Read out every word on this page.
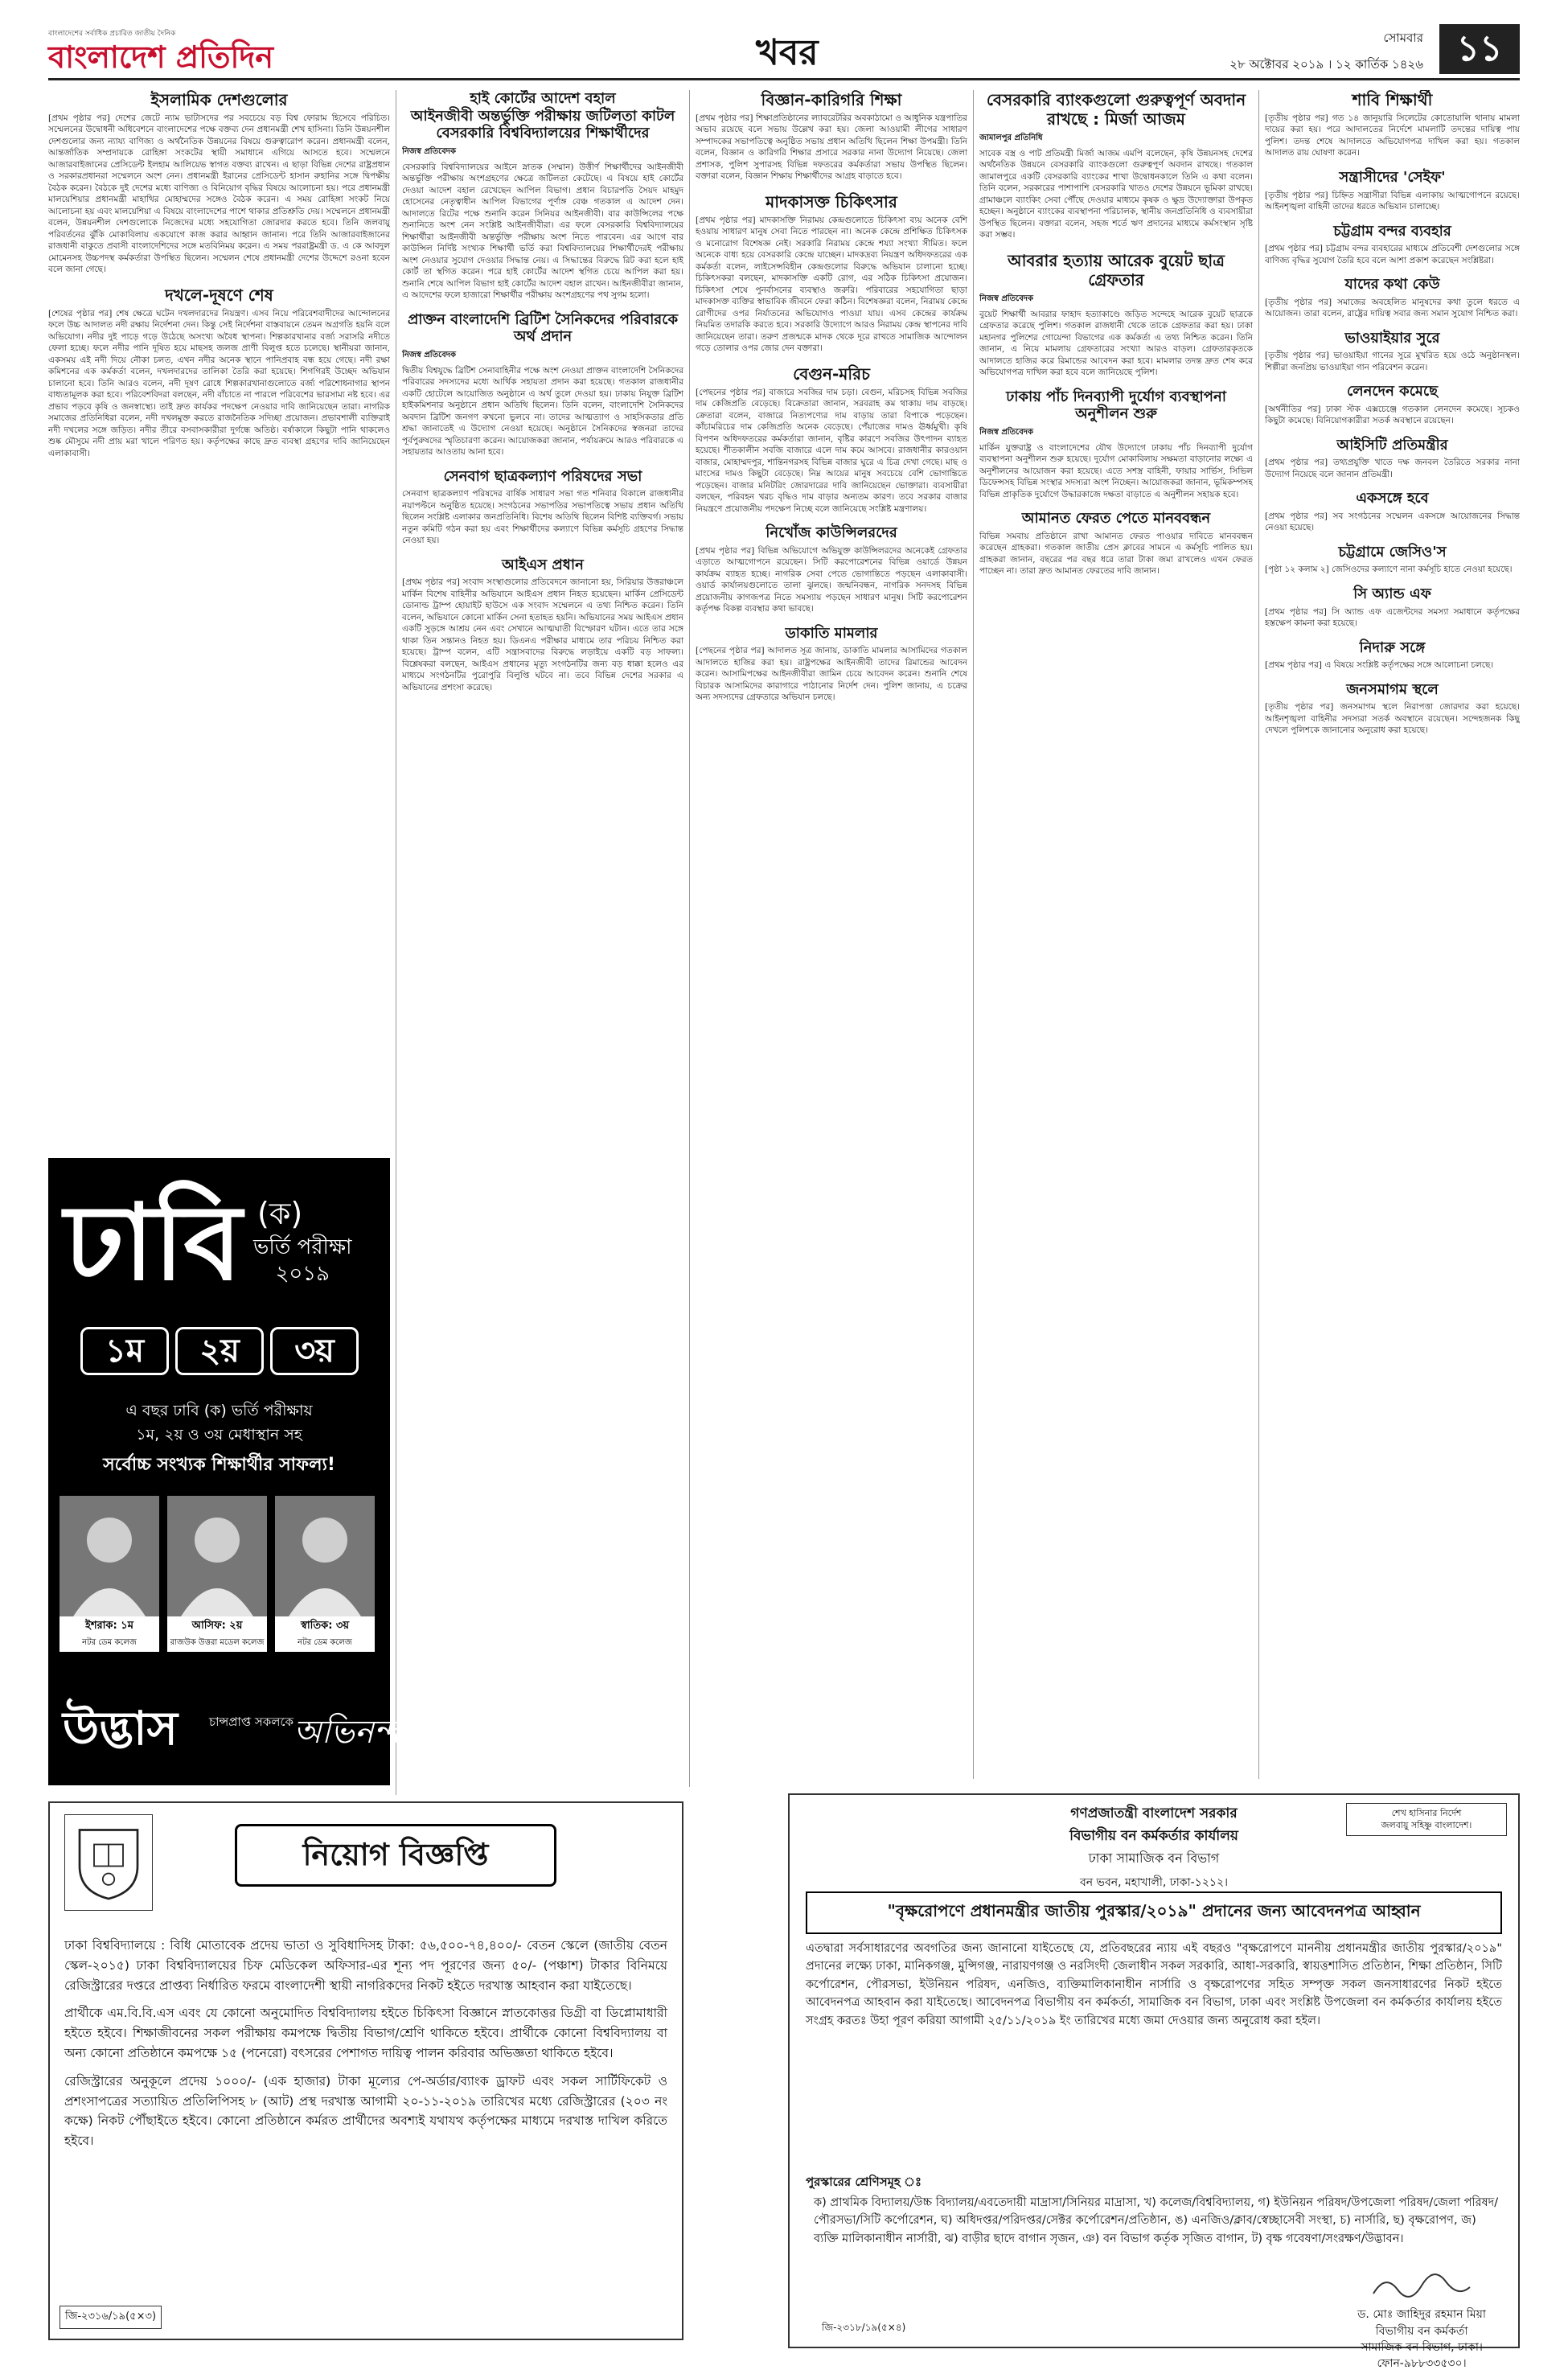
বাংলাদেশের সর্বাধিক প্রচারিত জাতীয় দৈনিক
বাংলাদেশ প্রতিদিন	খবর	সোমবার
২৮ অক্টোবর ২০১৯ । ১২ কার্তিক ১৪২৬ ১১
ইসলামিক দেশগুলোর
[প্রথম পৃষ্ঠার পর] দেশের জেটে ন্যাম ভাটাসদের পর সবচেয়ে বড় বিশ্ব ফোরাম হিসেবে পরিচিত। সম্মেলনের উদ্বোধনী অধিবেশনে বাংলাদেশের পক্ষে বক্তব্য দেন প্রধানমন্ত্রী শেখ হাসিনা। তিনি উন্নয়নশীল দেশগুলোর জন্য ন্যায্য বাণিজ্য ও অর্থনৈতিক উন্নয়নের বিষয়ে গুরুত্বারোপ করেন। প্রধানমন্ত্রী বলেন, আন্তর্জাতিক সম্প্রদায়কে রোহিঙ্গা সংকটের স্থায়ী সমাধানে এগিয়ে আসতে হবে। সম্মেলনে আজারবাইজানের প্রেসিডেন্ট ইলহাম আলিয়েভ স্বাগত বক্তব্য রাখেন। এ ছাড়া বিভিন্ন দেশের রাষ্ট্রপ্রধান ও সরকারপ্রধানরা সম্মেলনে অংশ নেন। প্রধানমন্ত্রী ইরানের প্রেসিডেন্ট হাসান রুহানির সঙ্গে দ্বিপক্ষীয় বৈঠক করেন। বৈঠকে দুই দেশের মধ্যে বাণিজ্য ও বিনিয়োগ বৃদ্ধির বিষয়ে আলোচনা হয়। পরে প্রধানমন্ত্রী মালয়েশিয়ার প্রধানমন্ত্রী মাহাথির মোহাম্মদের সঙ্গেও বৈঠক করেন। এ সময় রোহিঙ্গা সংকট নিয়ে আলোচনা হয় এবং মালয়েশিয়া এ বিষয়ে বাংলাদেশের পাশে থাকার প্রতিশ্রুতি দেয়। সম্মেলনে প্রধানমন্ত্রী বলেন, উন্নয়নশীল দেশগুলোকে নিজেদের মধ্যে সহযোগিতা জোরদার করতে হবে। তিনি জলবায়ু পরিবর্তনের ঝুঁকি মোকাবিলায় একযোগে কাজ করার আহ্বান জানান। পরে তিনি আজারবাইজানের রাজধানী বাকুতে প্রবাসী বাংলাদেশিদের সঙ্গে মতবিনিময় করেন। এ সময় পররাষ্ট্রমন্ত্রী ড. এ কে আবদুল মোমেনসহ উচ্চপদস্থ কর্মকর্তারা উপস্থিত ছিলেন। সম্মেলন শেষে প্রধানমন্ত্রী দেশের উদ্দেশে রওনা হবেন বলে জানা গেছে।
দখলে-দূষণে শেষ
[শেষের পৃষ্ঠার পর] শেষ ক্ষেত্রে ঘটেন দখলদারদের নিয়ন্ত্রণ। এসব নিয়ে পরিবেশবাদীদের আন্দোলনের ফলে উচ্চ আদালত নদী রক্ষায় নির্দেশনা দেন। কিন্তু সেই নির্দেশনা বাস্তবায়নে তেমন অগ্রগতি হয়নি বলে অভিযোগ। নদীর দুই পাড়ে গড়ে উঠেছে অসংখ্য অবৈধ স্থাপনা। শিল্পকারখানার বর্জ্য সরাসরি নদীতে ফেলা হচ্ছে। ফলে নদীর পানি দূষিত হয়ে মাছসহ জলজ প্রাণী বিলুপ্ত হতে চলেছে। স্থানীয়রা জানান, একসময় এই নদী দিয়ে নৌকা চলত, এখন নদীর অনেক স্থানে পানিপ্রবাহ বন্ধ হয়ে গেছে। নদী রক্ষা কমিশনের এক কর্মকর্তা বলেন, দখলদারদের তালিকা তৈরি করা হয়েছে। শিগগিরই উচ্ছেদ অভিযান চালানো হবে। তিনি আরও বলেন, নদী দূষণ রোধে শিল্পকারখানাগুলোতে বর্জ্য পরিশোধনাগার স্থাপন বাধ্যতামূলক করা হবে। পরিবেশবিদরা বলছেন, নদী বাঁচাতে না পারলে পরিবেশের ভারসাম্য নষ্ট হবে। এর প্রভাব পড়বে কৃষি ও জনস্বাস্থ্যে। তাই দ্রুত কার্যকর পদক্ষেপ নেওয়ার দাবি জানিয়েছেন তারা। নাগরিক সমাজের প্রতিনিধিরা বলেন, নদী দখলমুক্ত করতে রাজনৈতিক সদিচ্ছা প্রয়োজন। প্রভাবশালী ব্যক্তিরাই নদী দখলের সঙ্গে জড়িত। নদীর তীরে বসবাসকারীরা দুর্গন্ধে অতিষ্ঠ। বর্ষাকালে কিছুটা পানি থাকলেও শুষ্ক মৌসুমে নদী প্রায় মরা খালে পরিণত হয়। কর্তৃপক্ষের কাছে দ্রুত ব্যবস্থা গ্রহণের দাবি জানিয়েছেন এলাকাবাসী।
হাই কোর্টের আদেশ বহাল
আইনজীবী অন্তর্ভুক্তি পরীক্ষায় জটিলতা কাটল বেসরকারি বিশ্ববিদ্যালয়ের শিক্ষার্থীদের
নিজস্ব প্রতিবেদক
বেসরকারি বিশ্ববিদ্যালয়ের আইনে স্নাতক (সম্মান) উত্তীর্ণ শিক্ষার্থীদের আইনজীবী অন্তর্ভুক্তি পরীক্ষায় অংশগ্রহণের ক্ষেত্রে জটিলতা কেটেছে। এ বিষয়ে হাই কোর্টের দেওয়া আদেশ বহাল রেখেছেন আপিল বিভাগ। প্রধান বিচারপতি সৈয়দ মাহমুদ হোসেনের নেতৃত্বাধীন আপিল বিভাগের পূর্ণাঙ্গ বেঞ্চ গতকাল এ আদেশ দেন। আদালতে রিটের পক্ষে শুনানি করেন সিনিয়র আইনজীবী। বার কাউন্সিলের পক্ষে শুনানিতে অংশ নেন সংশ্লিষ্ট আইনজীবীরা। এর ফলে বেসরকারি বিশ্ববিদ্যালয়ের শিক্ষার্থীরা আইনজীবী অন্তর্ভুক্তি পরীক্ষায় অংশ নিতে পারবেন। এর আগে বার কাউন্সিল নির্দিষ্ট সংখ্যক শিক্ষার্থী ভর্তি করা বিশ্ববিদ্যালয়ের শিক্ষার্থীদেরই পরীক্ষায় অংশ নেওয়ার সুযোগ দেওয়ার সিদ্ধান্ত নেয়। এ সিদ্ধান্তের বিরুদ্ধে রিট করা হলে হাই কোর্ট তা স্থগিত করেন। পরে হাই কোর্টের আদেশ স্থগিত চেয়ে আপিল করা হয়। শুনানি শেষে আপিল বিভাগ হাই কোর্টের আদেশ বহাল রাখেন। আইনজীবীরা জানান, এ আদেশের ফলে হাজারো শিক্ষার্থীর পরীক্ষায় অংশগ্রহণের পথ সুগম হলো।
প্রাক্তন বাংলাদেশি ব্রিটিশ সৈনিকদের পরিবারকে অর্থ প্রদান
নিজস্ব প্রতিবেদক
দ্বিতীয় বিশ্বযুদ্ধে ব্রিটিশ সেনাবাহিনীর পক্ষে অংশ নেওয়া প্রাক্তন বাংলাদেশি সৈনিকদের পরিবারের সদস্যদের মধ্যে আর্থিক সহায়তা প্রদান করা হয়েছে। গতকাল রাজধানীর একটি হোটেলে আয়োজিত অনুষ্ঠানে এ অর্থ তুলে দেওয়া হয়। ঢাকায় নিযুক্ত ব্রিটিশ হাইকমিশনার অনুষ্ঠানে প্রধান অতিথি ছিলেন। তিনি বলেন, বাংলাদেশি সৈনিকদের অবদান ব্রিটিশ জনগণ কখনো ভুলবে না। তাদের আত্মত্যাগ ও সাহসিকতার প্রতি শ্রদ্ধা জানাতেই এ উদ্যোগ নেওয়া হয়েছে। অনুষ্ঠানে সৈনিকদের স্বজনরা তাদের পূর্বপুরুষদের স্মৃতিচারণা করেন। আয়োজকরা জানান, পর্যায়ক্রমে আরও পরিবারকে এ সহায়তার আওতায় আনা হবে।
সেনবাগ ছাত্রকল্যাণ পরিষদের সভা
সেনবাগ ছাত্রকল্যাণ পরিষদের বার্ষিক সাধারণ সভা গত শনিবার বিকালে রাজধানীর নয়াপল্টনে অনুষ্ঠিত হয়েছে। সংগঠনের সভাপতির সভাপতিত্বে সভায় প্রধান অতিথি ছিলেন সংশ্লিষ্ট এলাকার জনপ্রতিনিধি। বিশেষ অতিথি ছিলেন বিশিষ্ট ব্যক্তিবর্গ। সভায় নতুন কমিটি গঠন করা হয় এবং শিক্ষার্থীদের কল্যাণে বিভিন্ন কর্মসূচি গ্রহণের সিদ্ধান্ত নেওয়া হয়।
আইএস প্রধান
[প্রথম পৃষ্ঠার পর] সংবাদ সংস্থাগুলোর প্রতিবেদনে জানানো হয়, সিরিয়ার উত্তরাঞ্চলে মার্কিন বিশেষ বাহিনীর অভিযানে আইএস প্রধান নিহত হয়েছেন। মার্কিন প্রেসিডেন্ট ডোনাল্ড ট্রাম্প হোয়াইট হাউসে এক সংবাদ সম্মেলনে এ তথ্য নিশ্চিত করেন। তিনি বলেন, অভিযানে কোনো মার্কিন সেনা হতাহত হয়নি। অভিযানের সময় আইএস প্রধান একটি সুড়ঙ্গে আশ্রয় নেন এবং সেখানে আত্মঘাতী বিস্ফোরণ ঘটান। এতে তার সঙ্গে থাকা তিন সন্তানও নিহত হয়। ডিএনএ পরীক্ষার মাধ্যমে তার পরিচয় নিশ্চিত করা হয়েছে। ট্রাম্প বলেন, এটি সন্ত্রাসবাদের বিরুদ্ধে লড়াইয়ে একটি বড় সাফল্য। বিশ্লেষকরা বলছেন, আইএস প্রধানের মৃত্যু সংগঠনটির জন্য বড় ধাক্কা হলেও এর মাধ্যমে সংগঠনটির পুরোপুরি বিলুপ্তি ঘটবে না। তবে বিভিন্ন দেশের সরকার এ অভিযানের প্রশংসা করেছে।
বিজ্ঞান-কারিগরি শিক্ষা
[প্রথম পৃষ্ঠার পর] শিক্ষাপ্রতিষ্ঠানের ল্যাবরেটরির অবকাঠামো ও আধুনিক যন্ত্রপাতির অভাব রয়েছে বলে সভায় উল্লেখ করা হয়। জেলা আওয়ামী লীগের সাধারণ সম্পাদকের সভাপতিত্বে অনুষ্ঠিত সভায় প্রধান অতিথি ছিলেন শিক্ষা উপমন্ত্রী। তিনি বলেন, বিজ্ঞান ও কারিগরি শিক্ষার প্রসারে সরকার নানা উদ্যোগ নিয়েছে। জেলা প্রশাসক, পুলিশ সুপারসহ বিভিন্ন দফতরের কর্মকর্তারা সভায় উপস্থিত ছিলেন। বক্তারা বলেন, বিজ্ঞান শিক্ষায় শিক্ষার্থীদের আগ্রহ বাড়াতে হবে।
মাদকাসক্ত চিকিৎসার
[প্রথম পৃষ্ঠার পর] মাদকাসক্তি নিরাময় কেন্দ্রগুলোতে চিকিৎসা ব্যয় অনেক বেশি হওয়ায় সাধারণ মানুষ সেবা নিতে পারছেন না। অনেক কেন্দ্রে প্রশিক্ষিত চিকিৎসক ও মনোরোগ বিশেষজ্ঞ নেই। সরকারি নিরাময় কেন্দ্রে শয্যা সংখ্যা সীমিত। ফলে অনেকে বাধ্য হয়ে বেসরকারি কেন্দ্রে যাচ্ছেন। মাদকদ্রব্য নিয়ন্ত্রণ অধিদফতরের এক কর্মকর্তা বলেন, লাইসেন্সবিহীন কেন্দ্রগুলোর বিরুদ্ধে অভিযান চালানো হচ্ছে। চিকিৎসকরা বলছেন, মাদকাসক্তি একটি রোগ, এর সঠিক চিকিৎসা প্রয়োজন। চিকিৎসা শেষে পুনর্বাসনের ব্যবস্থাও জরুরি। পরিবারের সহযোগিতা ছাড়া মাদকাসক্ত ব্যক্তির স্বাভাবিক জীবনে ফেরা কঠিন। বিশেষজ্ঞরা বলেন, নিরাময় কেন্দ্রে রোগীদের ওপর নির্যাতনের অভিযোগও পাওয়া যায়। এসব কেন্দ্রের কার্যক্রম নিয়মিত তদারকি করতে হবে। সরকারি উদ্যোগে আরও নিরাময় কেন্দ্র স্থাপনের দাবি জানিয়েছেন তারা। তরুণ প্রজন্মকে মাদক থেকে দূরে রাখতে সামাজিক আন্দোলন গড়ে তোলার ওপর জোর দেন বক্তারা।
বেগুন-মরিচ
[পেছনের পৃষ্ঠার পর] বাজারে সবজির দাম চড়া। বেগুন, মরিচসহ বিভিন্ন সবজির দাম কেজিপ্রতি বেড়েছে। বিক্রেতারা জানান, সরবরাহ কম থাকায় দাম বাড়ছে। ক্রেতারা বলেন, বাজারে নিত্যপণ্যের দাম বাড়ায় তারা বিপাকে পড়েছেন। কাঁচামরিচের দাম কেজিপ্রতি অনেক বেড়েছে। পেঁয়াজের দামও ঊর্ধ্বমুখী। কৃষি বিপণন অধিদফতরের কর্মকর্তারা জানান, বৃষ্টির কারণে সবজির উৎপাদন ব্যাহত হয়েছে। শীতকালীন সবজি বাজারে এলে দাম কমে আসবে। রাজধানীর কারওয়ান বাজার, মোহাম্মদপুর, শান্তিনগরসহ বিভিন্ন বাজার ঘুরে এ চিত্র দেখা গেছে। মাছ ও মাংসের দামও কিছুটা বেড়েছে। নিম্ন আয়ের মানুষ সবচেয়ে বেশি ভোগান্তিতে পড়েছেন। বাজার মনিটরিং জোরদারের দাবি জানিয়েছেন ভোক্তারা। ব্যবসায়ীরা বলছেন, পরিবহন খরচ বৃদ্ধিও দাম বাড়ার অন্যতম কারণ। তবে সরকার বাজার নিয়ন্ত্রণে প্রয়োজনীয় পদক্ষেপ নিচ্ছে বলে জানিয়েছে সংশ্লিষ্ট মন্ত্রণালয়।
নিখোঁজ কাউন্সিলরদের
[প্রথম পৃষ্ঠার পর] বিভিন্ন অভিযোগে অভিযুক্ত কাউন্সিলরদের অনেকেই গ্রেফতার এড়াতে আত্মগোপনে রয়েছেন। সিটি করপোরেশনের বিভিন্ন ওয়ার্ডে উন্নয়ন কার্যক্রম ব্যাহত হচ্ছে। নাগরিক সেবা পেতে ভোগান্তিতে পড়ছেন এলাকাবাসী। ওয়ার্ড কার্যালয়গুলোতে তালা ঝুলছে। জন্মনিবন্ধন, নাগরিক সনদসহ বিভিন্ন প্রয়োজনীয় কাগজপত্র নিতে সমস্যায় পড়ছেন সাধারণ মানুষ। সিটি করপোরেশন কর্তৃপক্ষ বিকল্প ব্যবস্থার কথা ভাবছে।
ডাকাতি মামলার
[পেছনের পৃষ্ঠার পর] আদালত সূত্র জানায়, ডাকাতি মামলার আসামিদের গতকাল আদালতে হাজির করা হয়। রাষ্ট্রপক্ষের আইনজীবী তাদের রিমান্ডের আবেদন করেন। আসামিপক্ষের আইনজীবীরা জামিন চেয়ে আবেদন করেন। শুনানি শেষে বিচারক আসামিদের কারাগারে পাঠানোর নির্দেশ দেন। পুলিশ জানায়, এ চক্রের অন্য সদস্যদের গ্রেফতারে অভিযান চলছে।
বেসরকারি ব্যাংকগুলো গুরুত্বপূর্ণ অবদান রাখছে : মির্জা আজম
জামালপুর প্রতিনিধি
সাবেক বস্ত্র ও পাট প্রতিমন্ত্রী মির্জা আজম এমপি বলেছেন, কৃষি উন্নয়নসহ দেশের অর্থনৈতিক উন্নয়নে বেসরকারি ব্যাংকগুলো গুরুত্বপূর্ণ অবদান রাখছে। গতকাল জামালপুরে একটি বেসরকারি ব্যাংকের শাখা উদ্বোধনকালে তিনি এ কথা বলেন। তিনি বলেন, সরকারের পাশাপাশি বেসরকারি খাতও দেশের উন্নয়নে ভূমিকা রাখছে। গ্রামাঞ্চলে ব্যাংকিং সেবা পৌঁছে দেওয়ার মাধ্যমে কৃষক ও ক্ষুদ্র উদ্যোক্তারা উপকৃত হচ্ছেন। অনুষ্ঠানে ব্যাংকের ব্যবস্থাপনা পরিচালক, স্থানীয় জনপ্রতিনিধি ও ব্যবসায়ীরা উপস্থিত ছিলেন। বক্তারা বলেন, সহজ শর্তে ঋণ প্রদানের মাধ্যমে কর্মসংস্থান সৃষ্টি করা সম্ভব।
আবরার হত্যায় আরেক বুয়েট ছাত্র গ্রেফতার
নিজস্ব প্রতিবেদক
বুয়েট শিক্ষার্থী আবরার ফাহাদ হত্যাকাণ্ডে জড়িত সন্দেহে আরেক বুয়েট ছাত্রকে গ্রেফতার করেছে পুলিশ। গতকাল রাজধানী থেকে তাকে গ্রেফতার করা হয়। ঢাকা মহানগর পুলিশের গোয়েন্দা বিভাগের এক কর্মকর্তা এ তথ্য নিশ্চিত করেন। তিনি জানান, এ নিয়ে মামলায় গ্রেফতারের সংখ্যা আরও বাড়ল। গ্রেফতারকৃতকে আদালতে হাজির করে রিমান্ডের আবেদন করা হবে। মামলার তদন্ত দ্রুত শেষ করে অভিযোগপত্র দাখিল করা হবে বলে জানিয়েছে পুলিশ।
ঢাকায় পাঁচ দিনব্যাপী দুর্যোগ ব্যবস্থাপনা অনুশীলন শুরু
নিজস্ব প্রতিবেদক
মার্কিন যুক্তরাষ্ট্র ও বাংলাদেশের যৌথ উদ্যোগে ঢাকায় পাঁচ দিনব্যাপী দুর্যোগ ব্যবস্থাপনা অনুশীলন শুরু হয়েছে। দুর্যোগ মোকাবিলায় সক্ষমতা বাড়ানোর লক্ষ্যে এ অনুশীলনের আয়োজন করা হয়েছে। এতে সশস্ত্র বাহিনী, ফায়ার সার্ভিস, সিভিল ডিফেন্সসহ বিভিন্ন সংস্থার সদস্যরা অংশ নিচ্ছেন। আয়োজকরা জানান, ভূমিকম্পসহ বিভিন্ন প্রাকৃতিক দুর্যোগে উদ্ধারকাজে দক্ষতা বাড়াতে এ অনুশীলন সহায়ক হবে।
আমানত ফেরত পেতে মানববন্ধন
বিভিন্ন সমবায় প্রতিষ্ঠানে রাখা আমানত ফেরত পাওয়ার দাবিতে মানববন্ধন করেছেন গ্রাহকরা। গতকাল জাতীয় প্রেস ক্লাবের সামনে এ কর্মসূচি পালিত হয়। গ্রাহকরা জানান, বছরের পর বছর ধরে তারা টাকা জমা রাখলেও এখন ফেরত পাচ্ছেন না। তারা দ্রুত আমানত ফেরতের দাবি জানান।
শাবি শিক্ষার্থী
[তৃতীয় পৃষ্ঠার পর] গত ১৪ জানুয়ারি সিলেটের কোতোয়ালি থানায় মামলা দায়ের করা হয়। পরে আদালতের নির্দেশে মামলাটি তদন্তের দায়িত্ব পায় পুলিশ। তদন্ত শেষে আদালতে অভিযোগপত্র দাখিল করা হয়। গতকাল আদালত রায় ঘোষণা করেন।
সন্ত্রাসীদের 'সেইফ'
[তৃতীয় পৃষ্ঠার পর] চিহ্নিত সন্ত্রাসীরা বিভিন্ন এলাকায় আত্মগোপনে রয়েছে। আইনশৃঙ্খলা বাহিনী তাদের ধরতে অভিযান চালাচ্ছে।
চট্টগ্রাম বন্দর ব্যবহার
[প্রথম পৃষ্ঠার পর] চট্টগ্রাম বন্দর ব্যবহারের মাধ্যমে প্রতিবেশী দেশগুলোর সঙ্গে বাণিজ্য বৃদ্ধির সুযোগ তৈরি হবে বলে আশা প্রকাশ করেছেন সংশ্লিষ্টরা।
যাদের কথা কেউ
[তৃতীয় পৃষ্ঠার পর] সমাজের অবহেলিত মানুষদের কথা তুলে ধরতে এ আয়োজন। তারা বলেন, রাষ্ট্রের দায়িত্ব সবার জন্য সমান সুযোগ নিশ্চিত করা।
ভাওয়াইয়ার সুরে
[তৃতীয় পৃষ্ঠার পর] ভাওয়াইয়া গানের সুরে মুখরিত হয়ে ওঠে অনুষ্ঠানস্থল। শিল্পীরা জনপ্রিয় ভাওয়াইয়া গান পরিবেশন করেন।
লেনদেন কমেছে
[অর্থনীতির পর] ঢাকা স্টক এক্সচেঞ্জে গতকাল লেনদেন কমেছে। সূচকও কিছুটা কমেছে। বিনিয়োগকারীরা সতর্ক অবস্থানে রয়েছেন।
আইসিটি প্রতিমন্ত্রীর
[প্রথম পৃষ্ঠার পর] তথ্যপ্রযুক্তি খাতে দক্ষ জনবল তৈরিতে সরকার নানা উদ্যোগ নিয়েছে বলে জানান প্রতিমন্ত্রী।
একসঙ্গে হবে
[প্রথম পৃষ্ঠার পর] সব সংগঠনের সম্মেলন একসঙ্গে আয়োজনের সিদ্ধান্ত নেওয়া হয়েছে।
চট্টগ্রামে জেসিও'স
[পৃষ্ঠা ১২ কলাম ২] জেসিওদের কল্যাণে নানা কর্মসূচি হাতে নেওয়া হয়েছে।
সি অ্যান্ড এফ
[প্রথম পৃষ্ঠার পর] সি অ্যান্ড এফ এজেন্টদের সমস্যা সমাধানে কর্তৃপক্ষের হস্তক্ষেপ কামনা করা হয়েছে।
নিদারু সঙ্গে
[প্রথম পৃষ্ঠার পর] এ বিষয়ে সংশ্লিষ্ট কর্তৃপক্ষের সঙ্গে আলোচনা চলছে।
জনসমাগম স্থলে
[তৃতীয় পৃষ্ঠার পর] জনসমাগম স্থলে নিরাপত্তা জোরদার করা হয়েছে। আইনশৃঙ্খলা বাহিনীর সদস্যরা সতর্ক অবস্থানে রয়েছেন। সন্দেহজনক কিছু দেখলে পুলিশকে জানানোর অনুরোধ করা হয়েছে।
ঢাবি (ক)
ভর্তি পরীক্ষা
২০১৯
১ম	২য়	৩য়
এ বছর ঢাবি (ক) ভর্তি পরীক্ষায়
১ম, ২য় ও ৩য় মেধাস্থান সহ
সর্বোচ্চ সংখ্যক শিক্ষার্থীর সাফল্য!
ইশরাক: ১ম
নটর ডেম কলেজ
আসিফ: ২য়
রাজউক উত্তরা মডেল কলেজ
স্বাতিক: ৩য়
নটর ডেম কলেজ
উদ্ভাস	চান্সপ্রাপ্ত সকলকে অভিনন্দন
নিয়োগ বিজ্ঞপ্তি

ঢাকা বিশ্ববিদ্যালয়ে : বিধি মোতাবেক প্রদেয় ভাতা ও সুবিধাদিসহ টাকা: ৫৬,৫০০-৭৪,৪০০/- বেতন স্কেলে (জাতীয় বেতন স্কেল-২০১৫) ঢাকা বিশ্ববিদ্যালয়ের চিফ মেডিকেল অফিসার-এর শূন্য পদ পূরণের জন্য ৫০/- (পঞ্চাশ) টাকার বিনিময়ে রেজিস্ট্রারের দপ্তরে প্রাপ্তব্য নির্ধারিত ফরমে বাংলাদেশী স্থায়ী নাগরিকদের নিকট হইতে দরখাস্ত আহবান করা যাইতেছে।

প্রার্থীকে এম.বি.বি.এস এবং যে কোনো অনুমোদিত বিশ্ববিদ্যালয় হইতে চিকিৎসা বিজ্ঞানে স্নাতকোত্তর ডিগ্রী বা ডিপ্লোমাধারী হইতে হইবে। শিক্ষাজীবনের সকল পরীক্ষায় কমপক্ষে দ্বিতীয় বিভাগ/শ্রেণি থাকিতে হইবে। প্রার্থীকে কোনো বিশ্ববিদ্যালয় বা অন্য কোনো প্রতিষ্ঠানে কমপক্ষে ১৫ (পনেরো) বৎসরের পেশাগত দায়িত্ব পালন করিবার অভিজ্ঞতা থাকিতে হইবে।

রেজিস্ট্রারের অনুকূলে প্রদেয় ১০০০/- (এক হাজার) টাকা মূল্যের পে-অর্ডার/ব্যাংক ড্রাফট এবং সকল সার্টিফিকেট ও প্রশংসাপত্রের সত্যায়িত প্রতিলিপিসহ ৮ (আট) প্রস্থ দরখাস্ত আগামী ২০-১১-২০১৯ তারিখের মধ্যে রেজিস্ট্রারের (২০৩ নং কক্ষে) নিকট পৌঁছাইতে হইবে। কোনো প্রতিষ্ঠানে কর্মরত প্রার্থীদের অবশ্যই যথাযথ কর্তৃপক্ষের মাধ্যমে দরখাস্ত দাখিল করিতে হইবে।

জি-২৩১৬/১৯(৫×৩)
গণপ্রজাতন্ত্রী বাংলাদেশ সরকার
বিভাগীয় বন কর্মকর্তার কার্যালয়
ঢাকা সামাজিক বন বিভাগ
বন ভবন, মহাখালী, ঢাকা-১২১২।
শেখ হাসিনার নির্দেশ
জলবায়ু সহিষ্ণু বাংলাদেশ।
"বৃক্ষরোপণে প্রধানমন্ত্রীর জাতীয় পুরস্কার/২০১৯" প্রদানের জন্য আবেদনপত্র আহ্বান
এতদ্বারা সর্বসাধারণের অবগতির জন্য জানানো যাইতেছে যে, প্রতিবছরের ন্যায় এই বছরও "বৃক্ষরোপণে মাননীয় প্রধানমন্ত্রীর জাতীয় পুরস্কার/২০১৯" প্রদানের লক্ষ্যে ঢাকা, মানিকগঞ্জ, মুন্সিগঞ্জ, নারায়ণগঞ্জ ও নরসিংদী জেলাধীন সকল সরকারি, আধা-সরকারি, স্বায়ত্তশাসিত প্রতিষ্ঠান, শিক্ষা প্রতিষ্ঠান, সিটি কর্পোরেশন, পৌরসভা, ইউনিয়ন পরিষদ, এনজিও, ব্যক্তিমালিকানাধীন নার্সারি ও বৃক্ষরোপণের সহিত সম্পৃক্ত সকল জনসাধারণের নিকট হইতে আবেদনপত্র আহবান করা যাইতেছে। আবেদনপত্র বিভাগীয় বন কর্মকর্তা, সামাজিক বন বিভাগ, ঢাকা এবং সংশ্লিষ্ট উপজেলা বন কর্মকর্তার কার্যালয় হইতে সংগ্রহ করতঃ উহা পূরণ করিয়া আগামী ২৫/১১/২০১৯ ইং তারিখের মধ্যে জমা দেওয়ার জন্য অনুরোধ করা হইল।
পুরস্কারের শ্রেণিসমূহ ঃ
ক) প্রাথমিক বিদ্যালয়/উচ্চ বিদ্যালয়/এবতেদায়ী মাদ্রাসা/সিনিয়র মাদ্রাসা, খ) কলেজ/বিশ্ববিদ্যালয়, গ) ইউনিয়ন পরিষদ/উপজেলা পরিষদ/জেলা পরিষদ/পৌরসভা/সিটি কর্পোরেশন, ঘ) অধিদপ্তর/পরিদপ্তর/সেক্টর কর্পোরেশন/প্রতিষ্ঠান, ঙ) এনজিও/ক্লাব/স্বেচ্ছাসেবী সংস্থা, চ) নার্সারি, ছ) বৃক্ষরোপণ, জ) ব্যক্তি মালিকানাধীন নার্সারী, ঝ) বাড়ীর ছাদে বাগান সৃজন, ঞ) বন বিভাগ কর্তৃক সৃজিত বাগান, ট) বৃক্ষ গবেষণা/সংরক্ষণ/উদ্ভাবন।
ড. মোঃ জাহিদুর রহমান মিয়া
বিভাগীয় বন কর্মকর্তা
সামাজিক বন বিভাগ, ঢাকা।
ফোন-৯৮৮৩৩৫৩০।
জি-২৩১৮/১৯(৫×৪)
